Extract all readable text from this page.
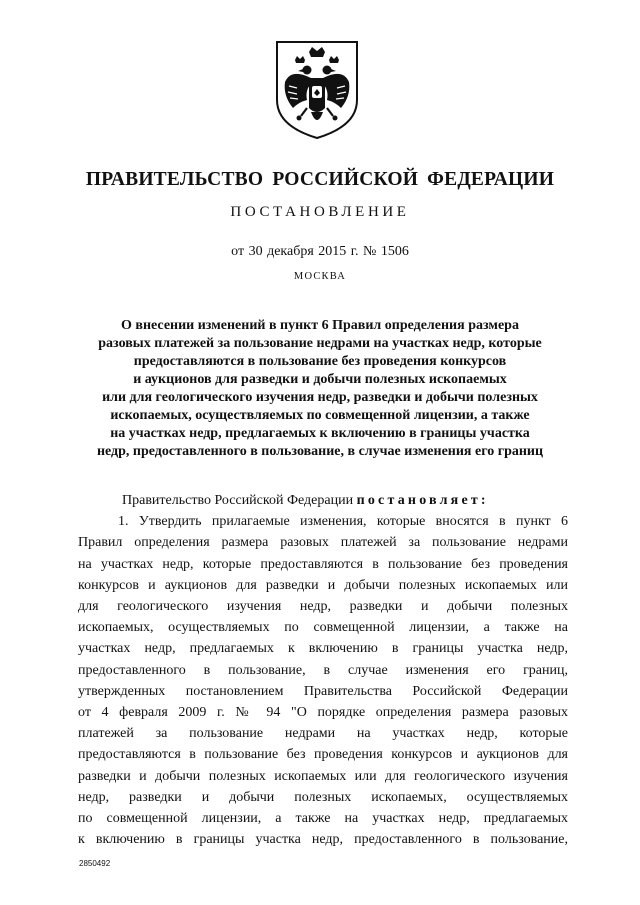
ПРАВИТЕЛЬСТВО РОССИЙСКОЙ ФЕДЕРАЦИИ
ПОСТАНОВЛЕНИЕ
от 30 декабря 2015 г. № 1506
МОСКВА
О внесении изменений в пункт 6 Правил определения размера
разовых платежей за пользование недрами на участках недр, которые
предоставляются в пользование без проведения конкурсов
и аукционов для разведки и добычи полезных ископаемых
или для геологического изучения недр, разведки и добычи полезных
ископаемых, осуществляемых по совмещенной лицензии, а также
на участках недр, предлагаемых к включению в границы участка
недр, предоставленного в пользование, в случае изменения его границ
Правительство Российской Федерации постановляет:
1. Утвердить прилагаемые изменения, которые вносятся в пункт 6
Правил определения размера разовых платежей за пользование недрами
на участках недр, которые предоставляются в пользование без проведения
конкурсов и аукционов для разведки и добычи полезных ископаемых или
для геологического изучения недр, разведки и добычи полезных
ископаемых, осуществляемых по совмещенной лицензии, а также на
участках недр, предлагаемых к включению в границы участка недр,
предоставленного в пользование, в случае изменения его границ,
утвержденных постановлением Правительства Российской Федерации
от 4 февраля 2009 г. № 94 "О порядке определения размера разовых
платежей за пользование недрами на участках недр, которые
предоставляются в пользование без проведения конкурсов и аукционов для
разведки и добычи полезных ископаемых или для геологического изучения
недр, разведки и добычи полезных ископаемых, осуществляемых
по совмещенной лицензии, а также на участках недр, предлагаемых
к включению в границы участка недр, предоставленного в пользование,
2850492
